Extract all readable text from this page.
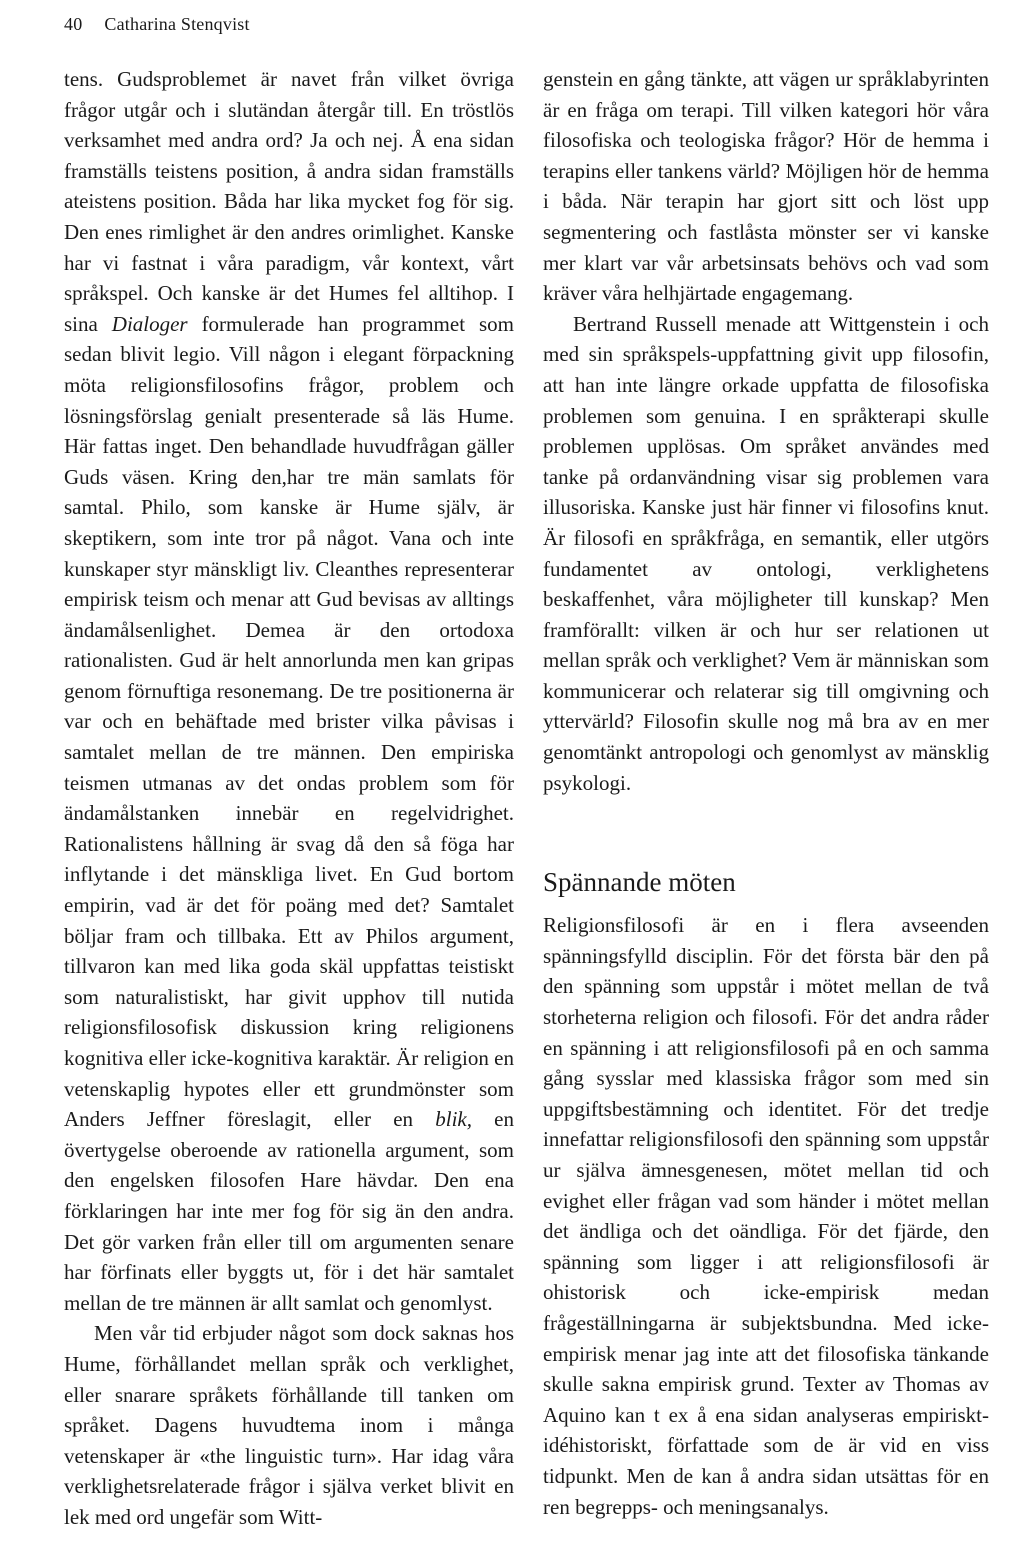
40 Catharina Stenqvist

tens. Gudsproblemet är navet från vilket övriga frågor utgår och i slutändan återgår till. En tröstlös verksamhet med andra ord? Ja och nej. Å ena sidan framställs teistens position, å andra sidan framställs ateistens position. Båda har lika mycket fog för sig. Den enes rimlighet är den andres orimlighet. Kanske har vi fastnat i våra paradigm, vår kontext, vårt språkspel. Och kanske är det Humes fel alltihop. I sina Dialoger formulerade han programmet som sedan blivit legio. Vill någon i elegant förpackning möta religionsfilosofins frågor, problem och lösningsförslag genialt presenterade så läs Hume. Här fattas inget. Den behandlade huvudfrågan gäller Guds väsen. Kring den,har tre män samlats för samtal. Philo, som kanske är Hume själv, är skeptikern, som inte tror på något. Vana och inte kunskaper styr mänskligt liv. Cleanthes representerar empirisk teism och menar att Gud bevisas av alltings ändamålsenlighet. Demea är den ortodoxa rationalisten. Gud är helt annorlunda men kan gripas genom förnuftiga resonemang. De tre positionerna är var och en behäftade med brister vilka påvisas i samtalet mellan de tre männen. Den empiriska teismen utmanas av det ondas problem som för ändamålstanken innebär en regelvidrighet. Rationalistens hållning är svag då den så föga har inflytande i det mänskliga livet. En Gud bortom empirin, vad är det för poäng med det? Samtalet böljar fram och tillbaka. Ett av Philos argument, tillvaron kan med lika goda skäl uppfattas teistiskt som naturalistiskt, har givit upphov till nutida religionsfilosofisk diskussion kring religionens kognitiva eller icke-kognitiva karaktär. Är religion en vetenskaplig hypotes eller ett grundmönster som Anders Jeffner föreslagit, eller en blik, en övertygelse oberoende av rationella argument, som den engelsken filosofen Hare hävdar. Den ena förklaringen har inte mer fog för sig än den andra. Det gör varken från eller till om argumenten senare har förfinats eller byggts ut, för i det här samtalet mellan de tre männen är allt samlat och genomlyst.

Men vår tid erbjuder något som dock saknas hos Hume, förhållandet mellan språk och verklighet, eller snarare språkets förhållande till tanken om språket. Dagens huvudtema inom i många vetenskaper är «the linguistic turn». Har idag våra verklighetsrelaterade frågor i själva verket blivit en lek med ord ungefär som Witt-

genstein en gång tänkte, att vägen ur språklabyrinten är en fråga om terapi. Till vilken kategori hör våra filosofiska och teologiska frågor? Hör de hemma i terapins eller tankens värld? Möjligen hör de hemma i båda. När terapin har gjort sitt och löst upp segmentering och fastlåsta mönster ser vi kanske mer klart var vår arbetsinsats behövs och vad som kräver våra helhjärtade engagemang.

Bertrand Russell menade att Wittgenstein i och med sin språkspels-uppfattning givit upp filosofin, att han inte längre orkade uppfatta de filosofiska problemen som genuina. I en språkterapi skulle problemen upplösas. Om språket användes med tanke på ordanvändning visar sig problemen vara illusoriska. Kanske just här finner vi filosofins knut. Är filosofi en språkfråga, en semantik, eller utgörs fundamentet av ontologi, verklighetens beskaffenhet, våra möjligheter till kunskap? Men framförallt: vilken är och hur ser relationen ut mellan språk och verklighet? Vem är människan som kommunicerar och relaterar sig till omgivning och yttervärld? Filosofin skulle nog må bra av en mer genomtänkt antropologi och genomlyst av mänsklig psykologi.

Spännande möten

Religionsfilosofi är en i flera avseenden spänningsfylld disciplin. För det första bär den på den spänning som uppstår i mötet mellan de två storheterna religion och filosofi. För det andra råder en spänning i att religionsfilosofi på en och samma gång sysslar med klassiska frågor som med sin uppgiftsbestämning och identitet. För det tredje innefattar religionsfilosofi den spänning som uppstår ur själva ämnesgenesen, mötet mellan tid och evighet eller frågan vad som händer i mötet mellan det ändliga och det oändliga. För det fjärde, den spänning som ligger i att religionsfilosofi är ohistorisk och icke-empirisk medan frågeställningarna är subjektsbundna. Med icke-empirisk menar jag inte att det filosofiska tänkande skulle sakna empirisk grund. Texter av Thomas av Aquino kan t ex å ena sidan analyseras empiriskt-idéhistoriskt, författade som de är vid en viss tidpunkt. Men de kan å andra sidan utsättas för en ren begrepps- och meningsanalys.
